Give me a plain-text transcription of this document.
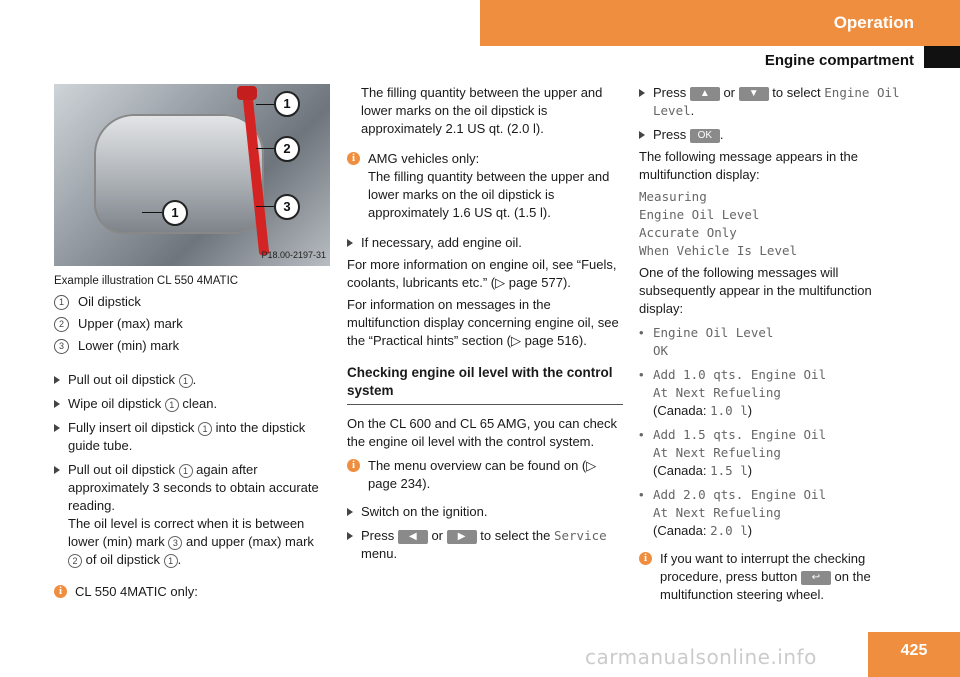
Operation
Engine compartment
1
2
3
1
P18.00-2197-31
Example illustration CL 550 4MATIC
1	Oil dipstick
2	Upper (max) mark
3	Lower (min) mark
Pull out oil dipstick 1 .
Wipe oil dipstick 1 clean.
Fully insert oil dipstick 1 into the dipstick guide tube.
Pull out oil dipstick 1 again after approximately 3 seconds to obtain accurate reading.
The oil level is correct when it is between lower (min) mark 3 and upper (max) mark 2 of oil dipstick 1 .
i CL 550 4MATIC only:
The filling quantity between the upper and lower marks on the oil dipstick is approximately 2.1 US qt. (2.0 l).
i AMG vehicles only:
The filling quantity between the upper and lower marks on the oil dipstick is approximately 1.6 US qt. (1.5 l).
If necessary, add engine oil.
For more information on engine oil, see “Fuels, coolants, lubricants etc.” (▷ page 577).
For information on messages in the multifunction display concerning engine oil, see the “Practical hints” section (▷ page 516).
Checking engine oil level with the control system
On the CL 600 and CL 65 AMG, you can check the engine oil level with the control system.
i The menu overview can be found on (▷ page 234).
Switch on the ignition.
Press ◀ or ▶ to select the Service menu.
Press ▲ or ▼ to select Engine Oil Level.
Press OK .
The following message appears in the multifunction display:
Measuring
Engine Oil Level
Accurate Only
When Vehicle Is Level
One of the following messages will subsequently appear in the multifunction display:
• Engine Oil Level
OK
• Add 1.0 qts. Engine Oil
At Next Refueling
(Canada: 1.0 l)
• Add 1.5 qts. Engine Oil
At Next Refueling
(Canada: 1.5 l)
• Add 2.0 qts. Engine Oil
At Next Refueling
(Canada: 2.0 l)
i If you want to interrupt the checking procedure, press button ↩ on the multifunction steering wheel.
425
carmanualsonline.info
